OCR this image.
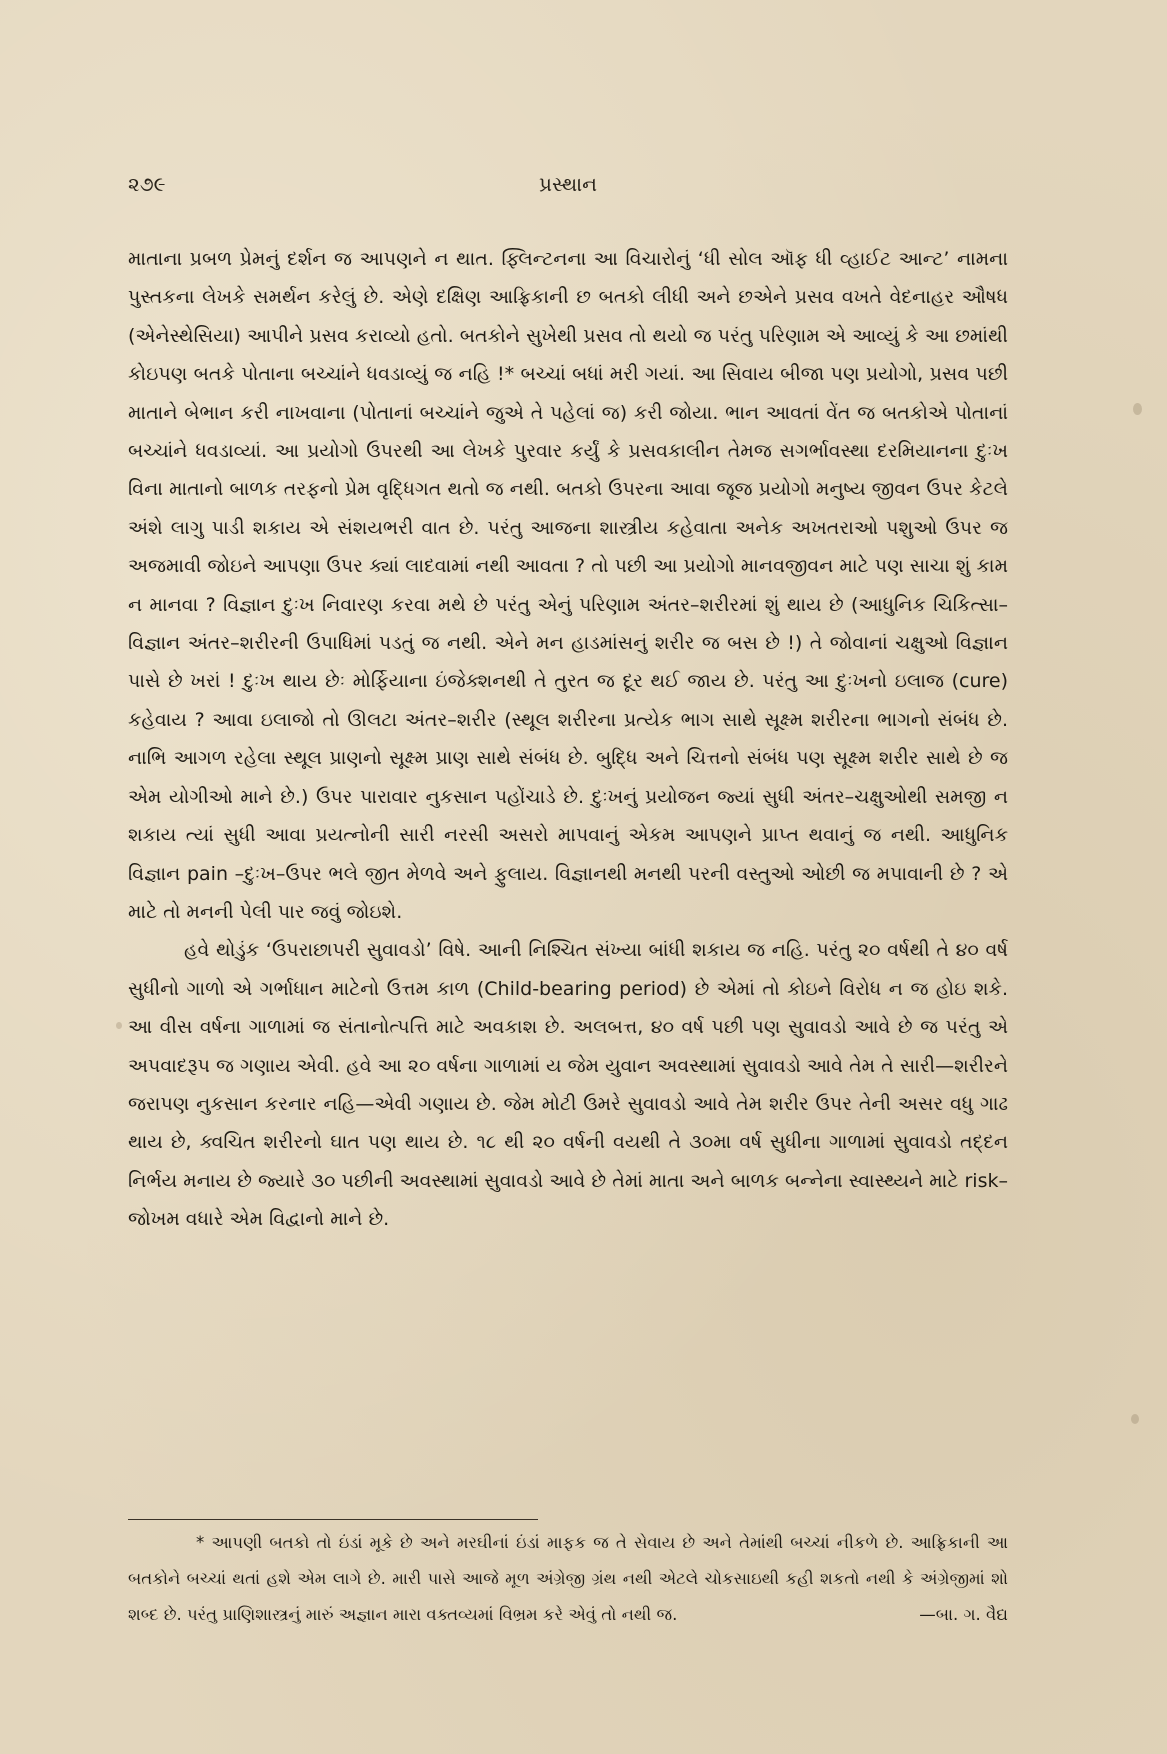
૨૭૯	પ્રસ્થાન

માતાના પ્રબળ પ્રેમનું દર્શન જ આપણને ન થાત. ફ્લિન્ટનના આ વિચારોનું ‘ધી સોલ ઑફ ધી વ્હાઈટ આન્ટ’ નામના પુસ્તકના લેખકે સમર્થન કરેલું છે. એણે દક્ષિણ આફ્રિકાની છ બતકો લીધી અને છએને પ્રસવ વખતે વેદનાહર ઔષધ (એનેસ્થેસિયા) આપીને પ્રસવ કરાવ્યો હતો. બતકોને સુખેથી પ્રસવ તો થયો જ પરંતુ પરિણામ એ આવ્યું કે આ છમાંથી કોઇપણ બતકે પોતાના બચ્ચાંને ધવડાવ્યું જ નહિ !* બચ્ચાં બધાં મરી ગયાં. આ સિવાય બીજા પણ પ્રયોગો, પ્રસવ પછી માતાને બેભાન કરી નાખવાના (પોતાનાં બચ્ચાંને જુએ તે પહેલાં જ) કરી જોયા. ભાન આવતાં વેંત જ બતકોએ પોતાનાં બચ્ચાંને ધવડાવ્યાં. આ પ્રયોગો ઉપરથી આ લેખકે પુરવાર કર્યું કે પ્રસવકાલીન તેમજ સગર્ભાવસ્થા દરમિયાનના દુઃખ વિના માતાનો બાળક તરફનો પ્રેમ વૃદ્ધિગત થતો જ નથી. બતકો ઉપરના આવા જૂજ પ્રયોગો મનુષ્ય જીવન ઉપર કેટલે અંશે લાગુ પાડી શકાય એ સંશયભરી વાત છે. પરંતુ આજના શાસ્ત્રીય કહેવાતા અનેક અખતરાઓ પશુઓ ઉપર જ અજમાવી જોઇને આપણા ઉપર ક્યાં લાદવામાં નથી આવતા ? તો પછી આ પ્રયોગો માનવજીવન માટે પણ સાચા શું કામ ન માનવા ? વિજ્ઞાન દુઃખ નિવારણ કરવા મથે છે પરંતુ એનું પરિણામ અંતર–શરીરમાં શું થાય છે (આધુનિક ચિકિત્સા–વિજ્ઞાન અંતર–શરીરની ઉપાધિમાં પડતું જ નથી. એને મન હાડમાંસનું શરીર જ બસ છે !) તે જોવાનાં ચક્ષુઓ વિજ્ઞાન પાસે છે ખરાં ! દુઃખ થાય છેઃ મોર્ફિયાના ઇંજેક્શનથી તે તુરત જ દૂર થઈ જાય છે. પરંતુ આ દુઃખનો ઇલાજ (cure) કહેવાય ? આવા ઇલાજો તો ઊલટા અંતર–શરીર (સ્થૂલ શરીરના પ્રત્યેક ભાગ સાથે સૂક્ષ્મ શરીરના ભાગનો સંબંધ છે. નાભિ આગળ રહેલા સ્થૂલ પ્રાણનો સૂક્ષ્મ પ્રાણ સાથે સંબંધ છે. બુદ્ધિ અને ચિત્તનો સંબંધ પણ સૂક્ષ્મ શરીર સાથે છે જ એમ યોગીઓ માને છે.) ઉપર પારાવાર નુકસાન પહોંચાડે છે. દુઃખનું પ્રયોજન જ્યાં સુધી અંતર–ચક્ષુઓથી સમજી ન શકાય ત્યાં સુધી આવા પ્રયત્નોની સારી નરસી અસરો માપવાનું એકમ આપણને પ્રાપ્ત થવાનું જ નથી. આધુનિક વિજ્ઞાન pain –દુઃખ–ઉપર ભલે જીત મેળવે અને ફુલાય. વિજ્ઞાનથી મનથી પરની વસ્તુઓ ઓછી જ મપાવાની છે ? એ માટે તો મનની પેલી પાર જવું જોઇશે.

હવે થોડુંક ‘ઉપરાછાપરી સુવાવડો’ વિષે. આની નિશ્ચિત સંખ્યા બાંધી શકાય જ નહિ. પરંતુ ૨૦ વર્ષથી તે ૪૦ વર્ષ સુધીનો ગાળો એ ગર્ભાધાન માટેનો ઉત્તમ કાળ (Child-bearing period) છે એમાં તો કોઇને વિરોધ ન જ હોઇ શકે. આ વીસ વર્ષના ગાળામાં જ સંતાનોત્પત્તિ માટે અવકાશ છે. અલબત્ત, ૪૦ વર્ષ પછી પણ સુવાવડો આવે છે જ પરંતુ એ અપવાદરૂપ જ ગણાય એવી. હવે આ ૨૦ વર્ષના ગાળામાં ય જેમ યુવાન અવસ્થામાં સુવાવડો આવે તેમ તે સારી—શરીરને જરાપણ નુકસાન કરનાર નહિ—એવી ગણાય છે. જેમ મોટી ઉમરે સુવાવડો આવે તેમ શરીર ઉપર તેની અસર વધુ ગાઢ થાય છે, ક્વચિત શરીરનો ઘાત પણ થાય છે. ૧૮ થી ૨૦ વર્ષની વયથી તે ૩૦મા વર્ષ સુધીના ગાળામાં સુવાવડો તદ્દન નિર્ભય મનાય છે જ્યારે ૩૦ પછીની અવસ્થામાં સુવાવડો આવે છે તેમાં માતા અને બાળક બન્નેના સ્વાસ્થ્યને માટે risk–જોખમ વધારે એમ વિદ્વાનો માને છે.

* આપણી બતકો તો ઇંડાં મૂકે છે અને મરઘીનાં ઇંડાં માફક જ તે સેવાય છે અને તેમાંથી બચ્ચાં નીકળે છે. આફ્રિકાની આ બતકોને બચ્ચાં થતાં હશે એમ લાગે છે. મારી પાસે આજે મૂળ અંગ્રેજી ગ્રંથ નથી એટલે ચોકસાઇથી કહી શકતો નથી કે અંગ્રેજીમાં શો શબ્દ છે. પરંતુ પ્રાણિશાસ્ત્રનું મારું અજ્ઞાન મારા વક્તવ્યમાં વિભ્રમ કરે એવું તો નથી જ.	—બા. ગ. વૈદ્ય
